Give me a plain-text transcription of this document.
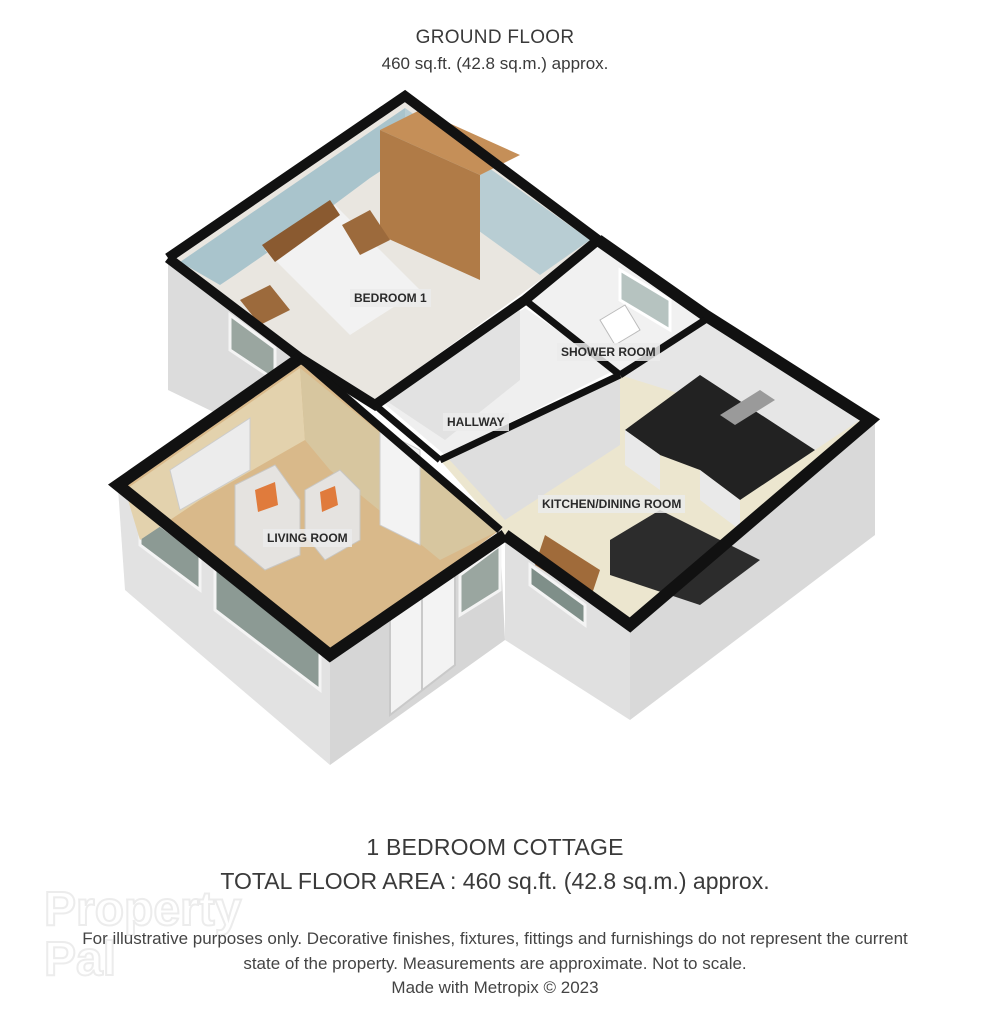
GROUND FLOOR
460 sq.ft. (42.8 sq.m.) approx.
BEDROOM 1
SHOWER ROOM
HALLWAY
KITCHEN/DINING ROOM
LIVING ROOM
1 BEDROOM COTTAGE
TOTAL FLOOR AREA : 460 sq.ft. (42.8 sq.m.) approx.
Property
Pal
For illustrative purposes only. Decorative finishes, fixtures, fittings and furnishings do not represent the current state of the property. Measurements are approximate. Not to scale.
Made with Metropix © 2023
